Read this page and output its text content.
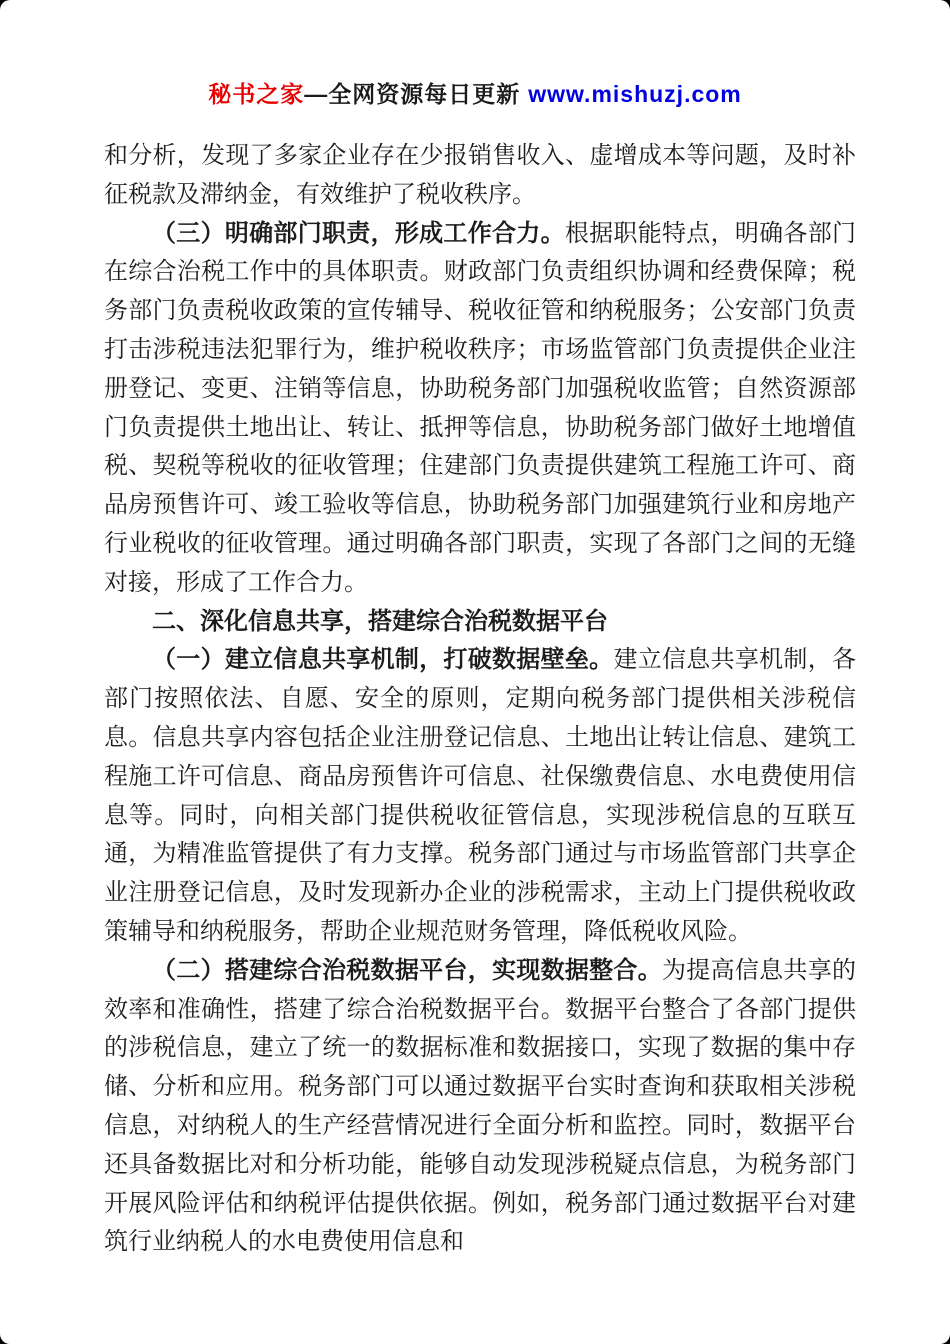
秘书之家—全网资源每日更新 www.mishuzj.com

和分析，发现了多家企业存在少报销售收入、虚增成本等问题，及时补征税款及滞纳金，有效维护了税收秩序。

（三）明确部门职责，形成工作合力。根据职能特点，明确各部门在综合治税工作中的具体职责。财政部门负责组织协调和经费保障；税务部门负责税收政策的宣传辅导、税收征管和纳税服务；公安部门负责打击涉税违法犯罪行为，维护税收秩序；市场监管部门负责提供企业注册登记、变更、注销等信息，协助税务部门加强税收监管；自然资源部门负责提供土地出让、转让、抵押等信息，协助税务部门做好土地增值税、契税等税收的征收管理；住建部门负责提供建筑工程施工许可、商品房预售许可、竣工验收等信息，协助税务部门加强建筑行业和房地产行业税收的征收管理。通过明确各部门职责，实现了各部门之间的无缝对接，形成了工作合力。

二、深化信息共享，搭建综合治税数据平台

（一）建立信息共享机制，打破数据壁垒。建立信息共享机制，各部门按照依法、自愿、安全的原则，定期向税务部门提供相关涉税信息。信息共享内容包括企业注册登记信息、土地出让转让信息、建筑工程施工许可信息、商品房预售许可信息、社保缴费信息、水电费使用信息等。同时，向相关部门提供税收征管信息，实现涉税信息的互联互通，为精准监管提供了有力支撑。税务部门通过与市场监管部门共享企业注册登记信息，及时发现新办企业的涉税需求，主动上门提供税收政策辅导和纳税服务，帮助企业规范财务管理，降低税收风险。

（二）搭建综合治税数据平台，实现数据整合。为提高信息共享的效率和准确性，搭建了综合治税数据平台。数据平台整合了各部门提供的涉税信息，建立了统一的数据标准和数据接口，实现了数据的集中存储、分析和应用。税务部门可以通过数据平台实时查询和获取相关涉税信息，对纳税人的生产经营情况进行全面分析和监控。同时，数据平台还具备数据比对和分析功能，能够自动发现涉税疑点信息，为税务部门开展风险评估和纳税评估提供依据。例如，税务部门通过数据平台对建筑行业纳税人的水电费使用信息和
